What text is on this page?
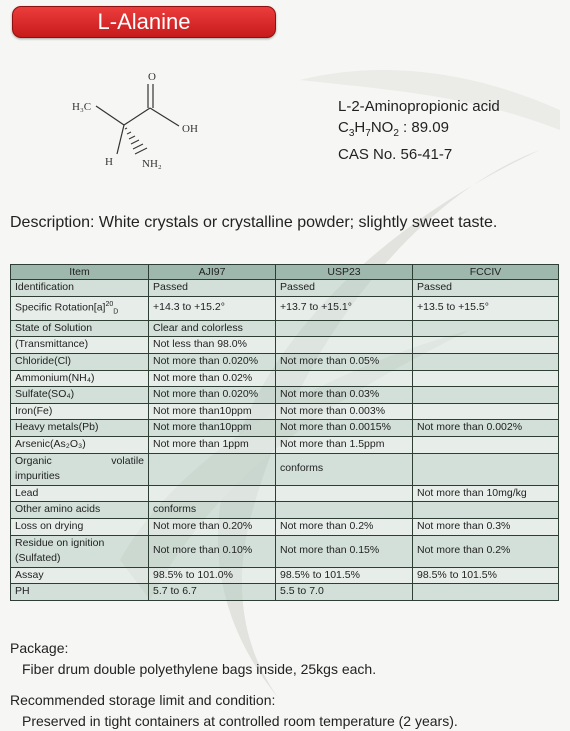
L-Alanine
H₃C
O
OH
H	NH₂
L-2-Aminopropionic acid
$C_3H_7NO_2$ : 89.09
CAS No. 56-41-7
Description: White crystals or crystalline powder; slightly sweet taste.
Item	AJI97	USP23	FCCIV
Identification	Passed	Passed	Passed
Specific $Rotation[a]^{20}_D$	+14.3 to +15.2°	+13.7 to +15.1°	+13.5 to +15.5°
State of Solution	Clear and colorless		
(Transmittance)	Not less than 98.0%		
Chloride(Cl)	Not more than 0.020%	Not more than 0.05%	
Ammonium(NH₄)	Not more than 0.02%		
Sulfate(SO₄)	Not more than 0.020%	Not more than 0.03%	
Iron(Fe)	Not more than10ppm	Not more than 0.003%	
Heavy metals(Pb)	Not more than10ppm	Not more than 0.0015%	Not more than 0.002%
Arsenic(As₂O₃)	Not more than 1ppm	Not more than 1.5ppm	

Organic volatile
impurities		conforms	
Lead			Not more than 10mg/kg
Other amino acids	conforms		
Loss on drying	Not more than 0.20%	Not more than 0.2%	Not more than 0.3%

Residue on ignition
(Sulfated)	Not more than 0.10%	Not more than 0.15%	Not more than 0.2%
Assay	98.5% to 101.0%	98.5% to 101.5%	98.5% to 101.5%
PH	5.7 to 6.7	5.5 to 7.0	
Package:
Fiber drum double polyethylene bags inside, 25kgs each.
Recommended storage limit and condition:
Preserved in tight containers at controlled room temperature (2 years).
